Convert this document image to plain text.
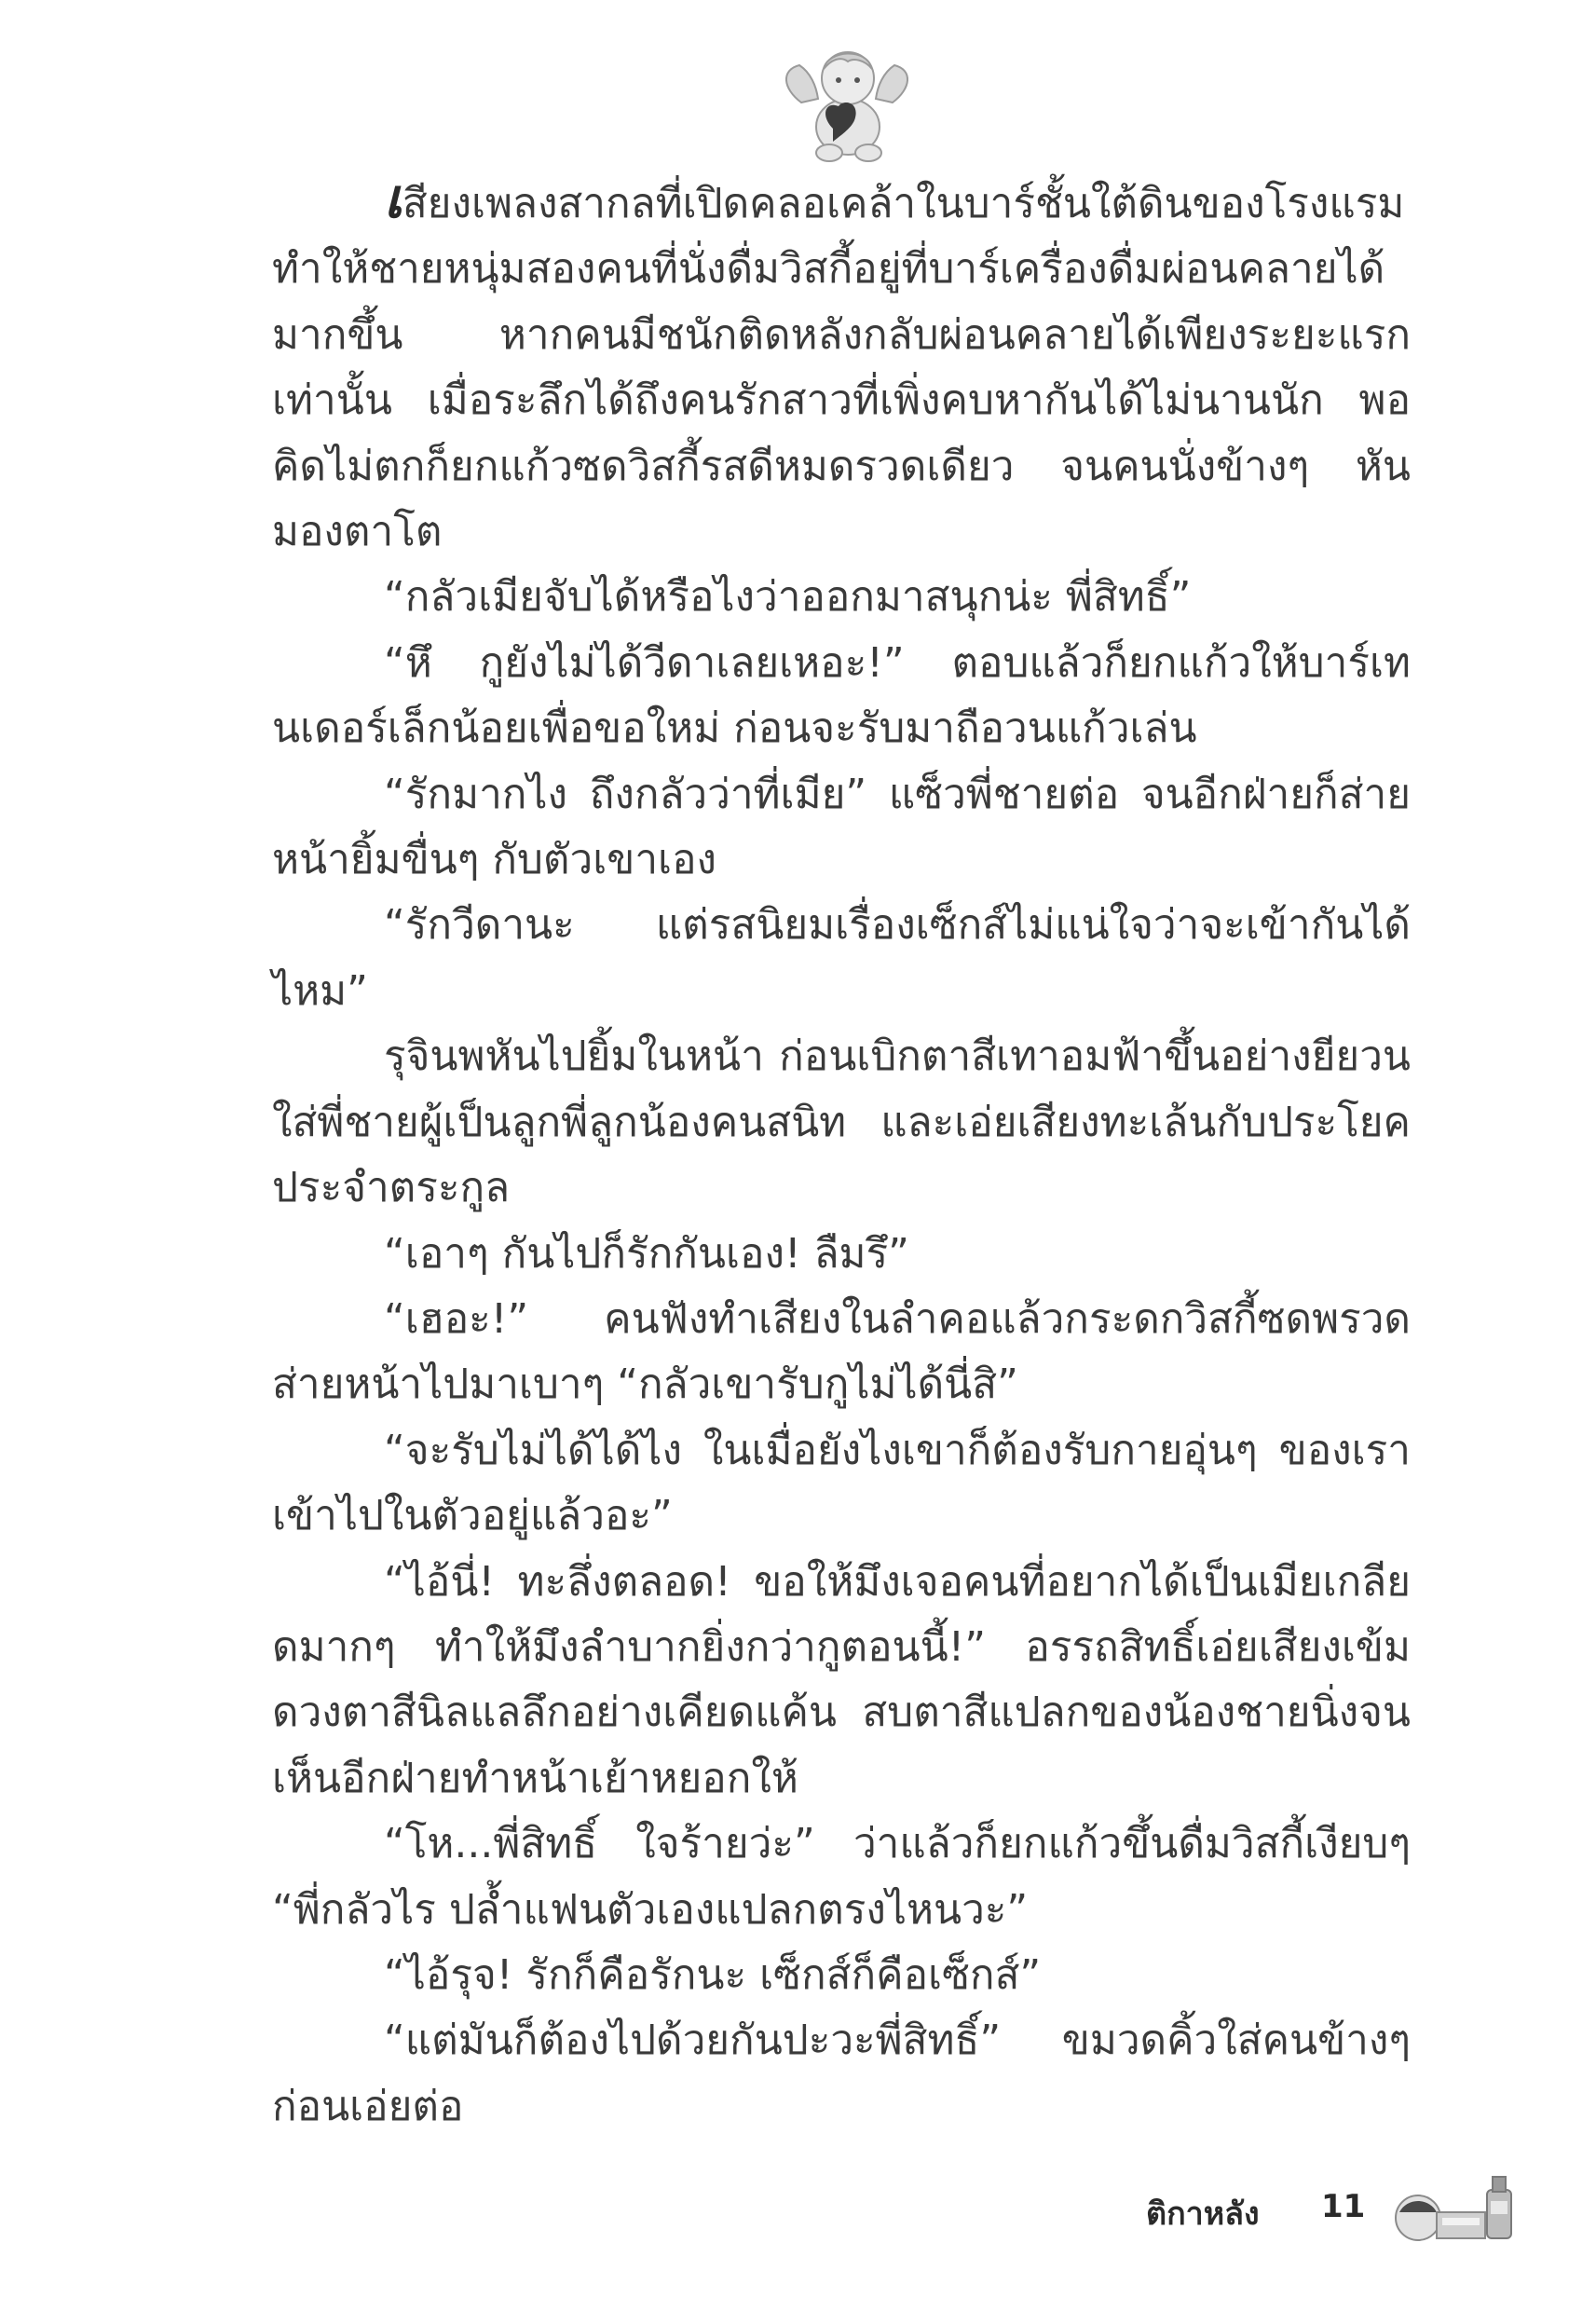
เสียงเพลงสากลที่เปิดคลอเคล้าในบาร์ชั้นใต้ดินของโรงแรมทำให้ชายหนุ่มสองคนที่นั่งดื่มวิสกี้อยู่ที่บาร์เครื่องดื่มผ่อนคลายได้มากขึ้น หากคนมีชนักติดหลังกลับผ่อนคลายได้เพียงระยะแรกเท่านั้น เมื่อระลึกได้ถึงคนรักสาวที่เพิ่งคบหากันได้ไม่นานนัก พอคิดไม่ตกก็ยกแก้วซดวิสกี้รสดีหมดรวดเดียว จนคนนั่งข้างๆ หันมองตาโต

“กลัวเมียจับได้หรือไงว่าออกมาสนุกน่ะ พี่สิทธิ์”

“หึ กูยังไม่ได้วีดาเลยเหอะ!” ตอบแล้วก็ยกแก้วให้บาร์เทนเดอร์เล็กน้อยเพื่อขอใหม่ ก่อนจะรับมาถือวนแก้วเล่น

“รักมากไง ถึงกลัวว่าที่เมีย” แซ็วพี่ชายต่อ จนอีกฝ่ายก็ส่ายหน้ายิ้มขื่นๆ กับตัวเขาเอง

“รักวีดานะ แต่รสนิยมเรื่องเซ็กส์ไม่แน่ใจว่าจะเข้ากันได้ไหม”

รุจินพหันไปยิ้มในหน้า ก่อนเบิกตาสีเทาอมฟ้าขึ้นอย่างยียวนใส่พี่ชายผู้เป็นลูกพี่ลูกน้องคนสนิท และเอ่ยเสียงทะเล้นกับประโยคประจำตระกูล

“เอาๆ กันไปก็รักกันเอง! ลืมรึ”

“เฮอะ!” คนฟังทำเสียงในลำคอแล้วกระดกวิสกี้ซดพรวด ส่ายหน้าไปมาเบาๆ “กลัวเขารับกูไม่ได้นี่สิ”

“จะรับไม่ได้ได้ไง ในเมื่อยังไงเขาก็ต้องรับกายอุ่นๆ ของเราเข้าไปในตัวอยู่แล้วอะ”

“ไอ้นี่! ทะลึ่งตลอด! ขอให้มึงเจอคนที่อยากได้เป็นเมียเกลียดมากๆ ทำให้มึงลำบากยิ่งกว่ากูตอนนี้!” อรรถสิทธิ์เอ่ยเสียงเข้ม ดวงตาสีนิลแลลึกอย่างเคียดแค้น สบตาสีแปลกของน้องชายนิ่งจนเห็นอีกฝ่ายทำหน้าเย้าหยอกให้

“โห...พี่สิทธิ์ ใจร้ายว่ะ” ว่าแล้วก็ยกแก้วขึ้นดื่มวิสกี้เงียบๆ “พี่กลัวไร ปล้ำแฟนตัวเองแปลกตรงไหนวะ”

“ไอ้รุจ! รักก็คือรักนะ เซ็กส์ก็คือเซ็กส์”

“แต่มันก็ต้องไปด้วยกันปะวะพี่สิทธิ์” ขมวดคิ้วใส่คนข้างๆ ก่อนเอ่ยต่อ

ติกาหลัง 11
